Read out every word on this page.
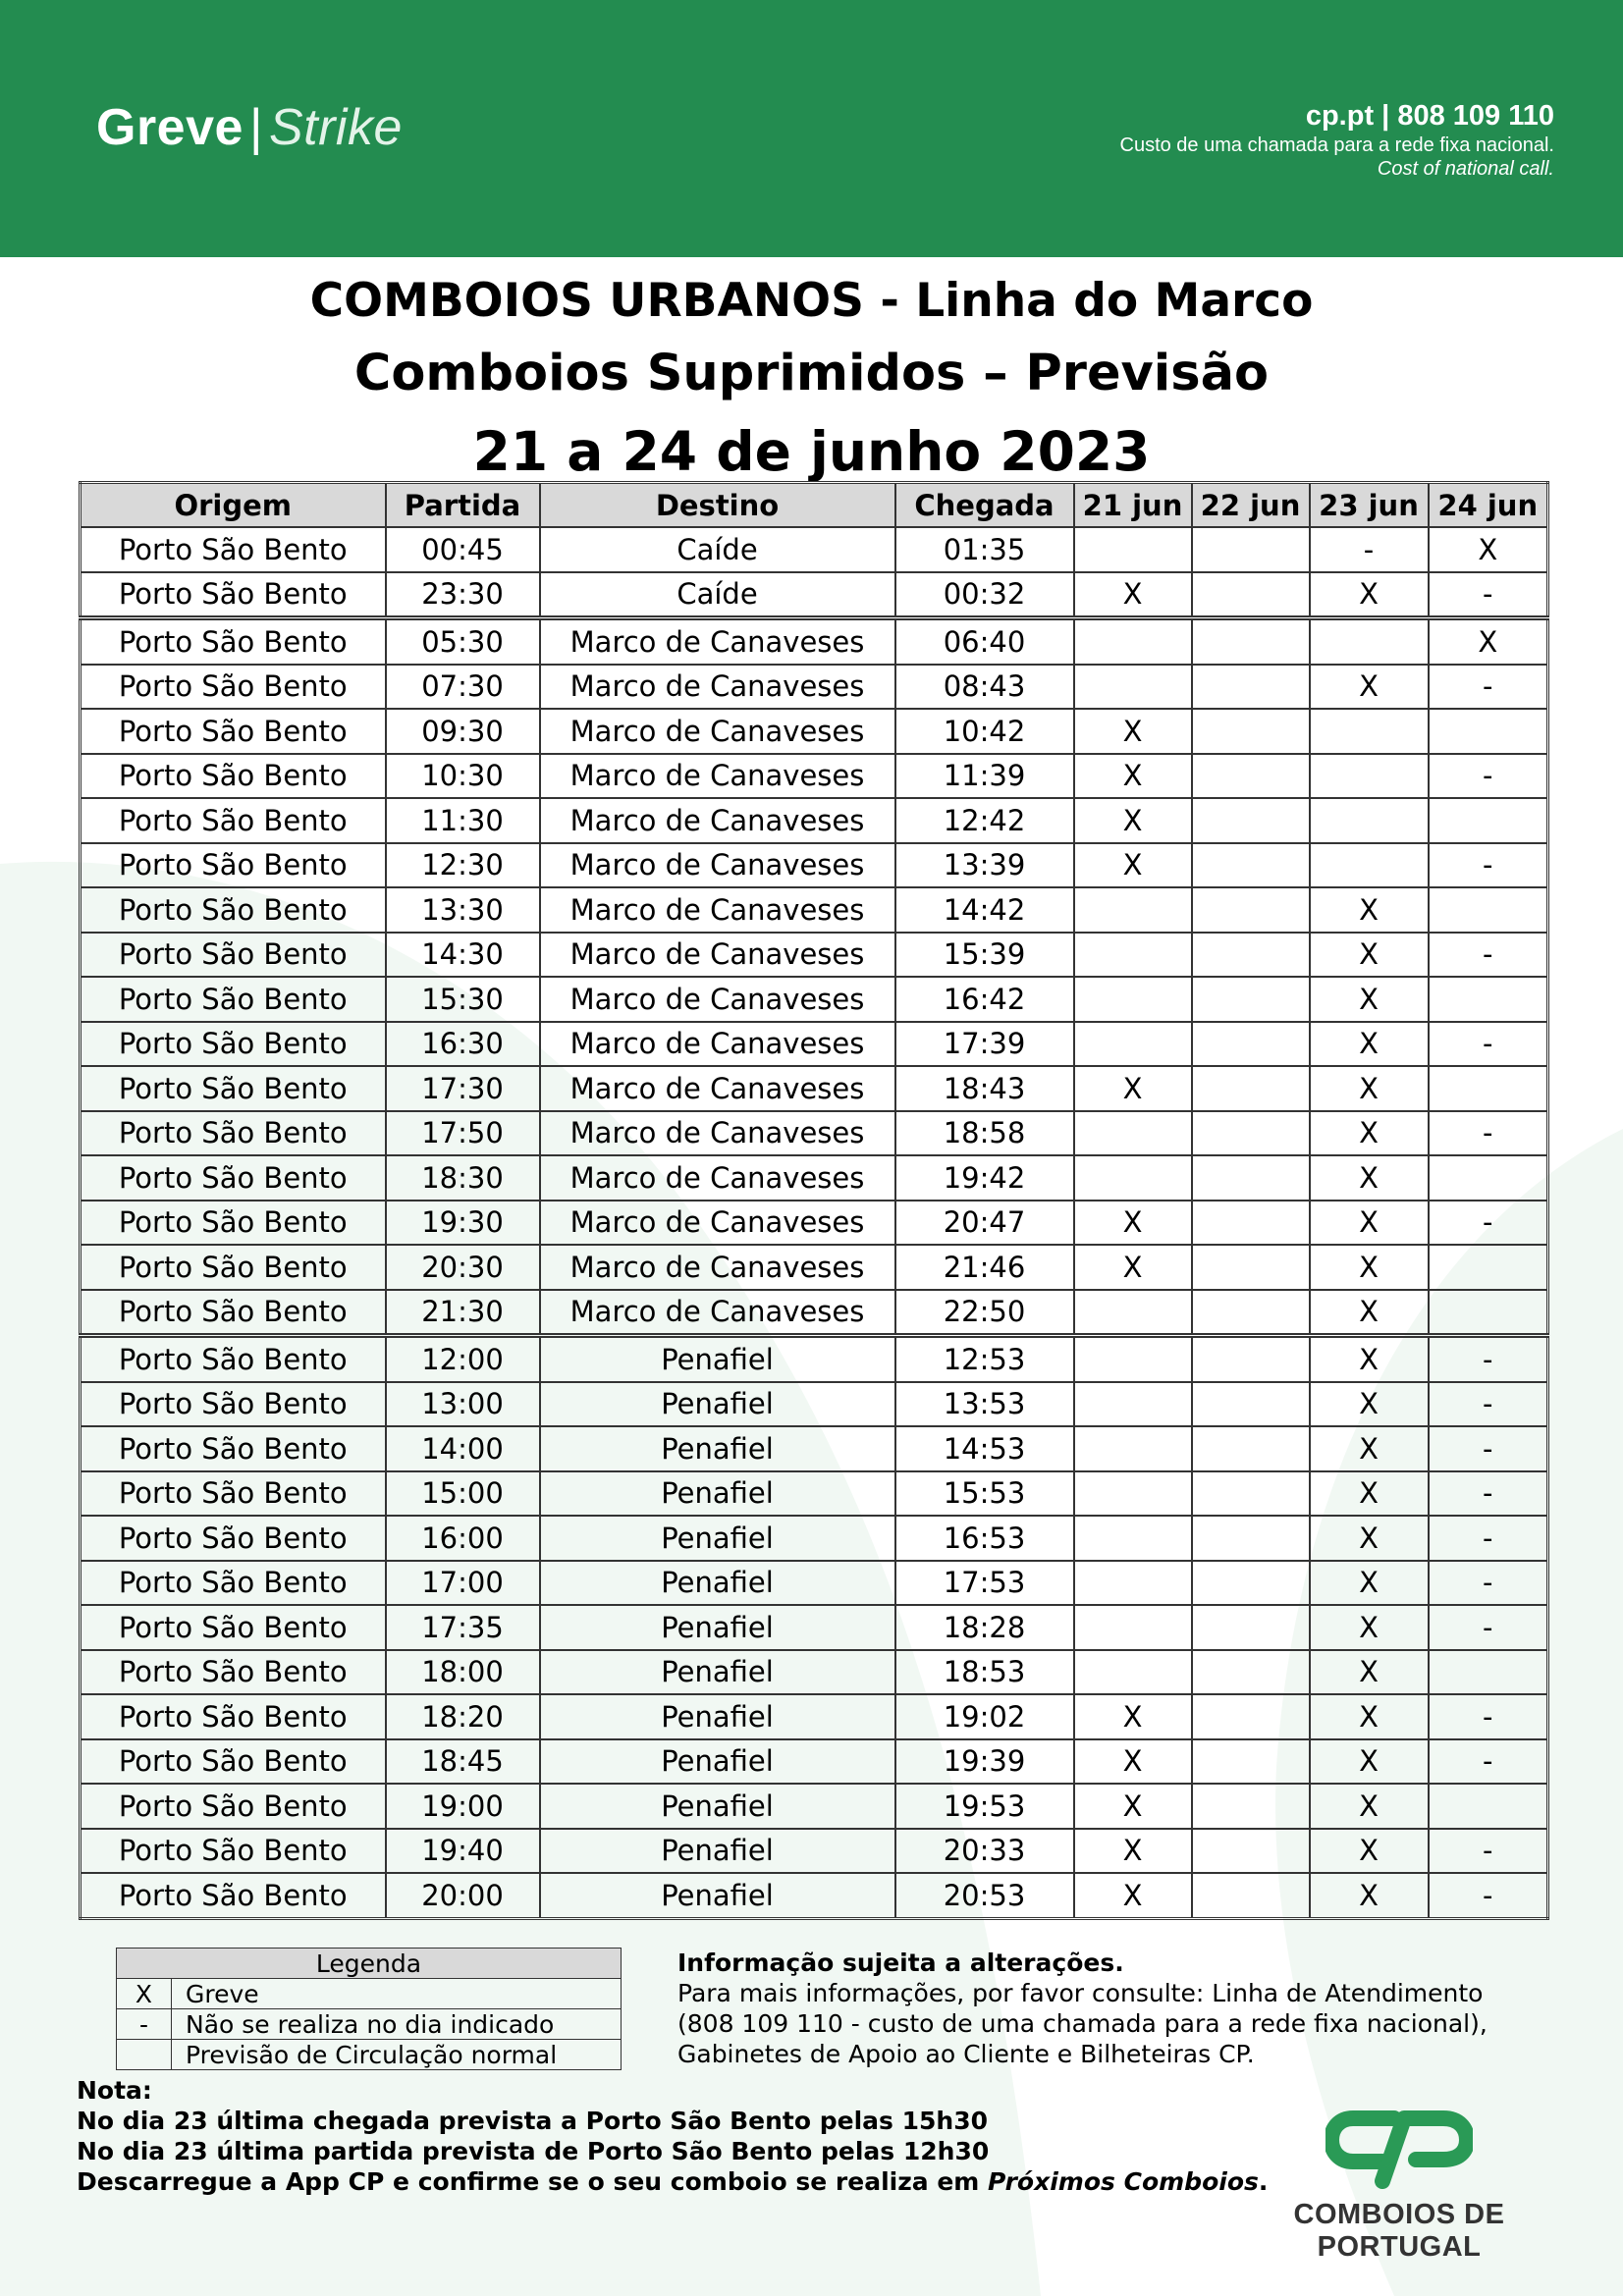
Greve | Strike	cp.pt | 808 109 110
Custo de uma chamada para a rede fixa nacional.
Cost of national call.
COMBOIOS URBANOS - Linha do Marco
Comboios Suprimidos – Previsão
21 a 24 de junho 2023
Origem	Partida	Destino	Chegada	21 jun	22 jun	23 jun	24 jun
Porto São Bento	00:45	Caíde	01:35			-	X
Porto São Bento	23:30	Caíde	00:32	X		X	-
Porto São Bento	05:30	Marco de Canaveses	06:40				X
Porto São Bento	07:30	Marco de Canaveses	08:43			X	-
Porto São Bento	09:30	Marco de Canaveses	10:42	X			
Porto São Bento	10:30	Marco de Canaveses	11:39	X			-
Porto São Bento	11:30	Marco de Canaveses	12:42	X			
Porto São Bento	12:30	Marco de Canaveses	13:39	X			-
Porto São Bento	13:30	Marco de Canaveses	14:42			X	
Porto São Bento	14:30	Marco de Canaveses	15:39			X	-
Porto São Bento	15:30	Marco de Canaveses	16:42			X	
Porto São Bento	16:30	Marco de Canaveses	17:39			X	-
Porto São Bento	17:30	Marco de Canaveses	18:43	X		X	
Porto São Bento	17:50	Marco de Canaveses	18:58			X	-
Porto São Bento	18:30	Marco de Canaveses	19:42			X	
Porto São Bento	19:30	Marco de Canaveses	20:47	X		X	-
Porto São Bento	20:30	Marco de Canaveses	21:46	X		X	
Porto São Bento	21:30	Marco de Canaveses	22:50			X	
Porto São Bento	12:00	Penafiel	12:53			X	-
Porto São Bento	13:00	Penafiel	13:53			X	-
Porto São Bento	14:00	Penafiel	14:53			X	-
Porto São Bento	15:00	Penafiel	15:53			X	-
Porto São Bento	16:00	Penafiel	16:53			X	-
Porto São Bento	17:00	Penafiel	17:53			X	-
Porto São Bento	17:35	Penafiel	18:28			X	-
Porto São Bento	18:00	Penafiel	18:53			X	
Porto São Bento	18:20	Penafiel	19:02	X		X	-
Porto São Bento	18:45	Penafiel	19:39	X		X	-
Porto São Bento	19:00	Penafiel	19:53	X		X	
Porto São Bento	19:40	Penafiel	20:33	X		X	-
Porto São Bento	20:00	Penafiel	20:53	X		X	-
Legenda	
X	Greve
-	Não se realiza no dia indicado
	Previsão de Circulação normal
Informação sujeita a alterações.
Para mais informações, por favor consulte: Linha de Atendimento (808 109 110 - custo de uma chamada para a rede fixa nacional), Gabinetes de Apoio ao Cliente e Bilheteiras CP.
Nota:
No dia 23 última chegada prevista a Porto São Bento pelas 15h30
No dia 23 última partida prevista de Porto São Bento pelas 12h30
Descarregue a App CP e confirme se o seu comboio se realiza em Próximos Comboios.
COMBOIOS DE PORTUGAL
